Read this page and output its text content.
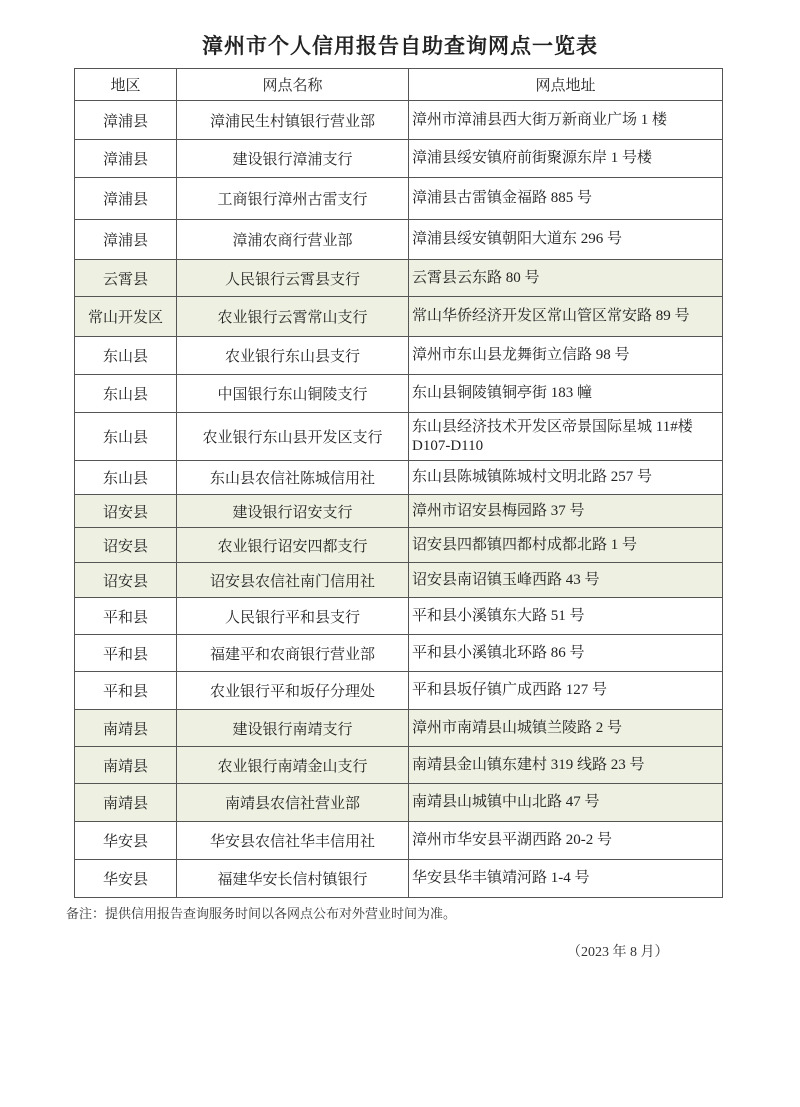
漳州市个人信用报告自助查询网点一览表
地区	网点名称	网点地址
漳浦县	漳浦民生村镇银行营业部	漳州市漳浦县西大街万新商业广场 1 楼
漳浦县	建设银行漳浦支行	漳浦县绥安镇府前街聚源东岸 1 号楼
漳浦县	工商银行漳州古雷支行	漳浦县古雷镇金福路 885 号
漳浦县	漳浦农商行营业部	漳浦县绥安镇朝阳大道东 296 号
云霄县	人民银行云霄县支行	云霄县云东路 80 号
常山开发区	农业银行云霄常山支行	常山华侨经济开发区常山管区常安路 89 号
东山县	农业银行东山县支行	漳州市东山县龙舞街立信路 98 号
东山县	中国银行东山铜陵支行	东山县铜陵镇铜亭街 183 幢
东山县	农业银行东山县开发区支行	东山县经济技术开发区帝景国际星城 11#楼 D107-D110
东山县	东山县农信社陈城信用社	东山县陈城镇陈城村文明北路 257 号
诏安县	建设银行诏安支行	漳州市诏安县梅园路 37 号
诏安县	农业银行诏安四都支行	诏安县四都镇四都村成都北路 1 号
诏安县	诏安县农信社南门信用社	诏安县南诏镇玉峰西路 43 号
平和县	人民银行平和县支行	平和县小溪镇东大路 51 号
平和县	福建平和农商银行营业部	平和县小溪镇北环路 86 号
平和县	农业银行平和坂仔分理处	平和县坂仔镇广成西路 127 号
南靖县	建设银行南靖支行	漳州市南靖县山城镇兰陵路 2 号
南靖县	农业银行南靖金山支行	南靖县金山镇东建村 319 线路 23 号
南靖县	南靖县农信社营业部	南靖县山城镇中山北路 47 号
华安县	华安县农信社华丰信用社	漳州市华安县平湖西路 20-2 号
华安县	福建华安长信村镇银行	华安县华丰镇靖河路 1-4 号
备注：提供信用报告查询服务时间以各网点公布对外营业时间为准。
（2023 年 8 月）
